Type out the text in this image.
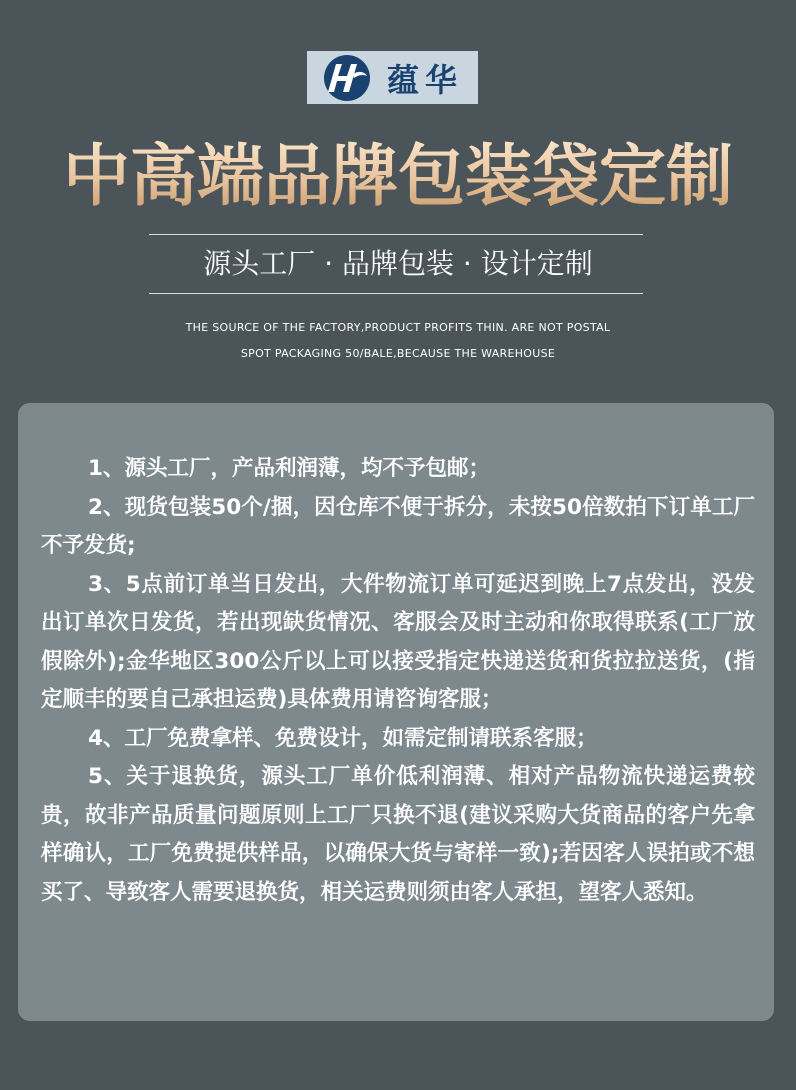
蕴华
中高端品牌包装袋定制
源头工厂 · 品牌包装 · 设计定制
THE SOURCE OF THE FACTORY,PRODUCT PROFITS THIN. ARE NOT POSTAL
SPOT PACKAGING 50/BALE,BECAUSE THE WAREHOUSE

1、源头工厂，产品利润薄，均不予包邮；

2、现货包装50个/捆，因仓库不便于拆分，未按50倍数拍下订单工厂不予发货;

3、5点前订单当日发出，大件物流订单可延迟到晚上7点发出，没发出订单次日发货，若出现缺货情况、客服会及时主动和你取得联系(工厂放假除外);金华地区300公斤以上可以接受指定快递送货和货拉拉送货，(指定顺丰的要自己承担运费)具体费用请咨询客服；

4、工厂免费拿样、免费设计，如需定制请联系客服；

5、关于退换货，源头工厂单价低利润薄、相对产品物流快递运费较贵，故非产品质量问题原则上工厂只换不退(建议采购大货商品的客户先拿样确认，工厂免费提供样品，以确保大货与寄样一致);若因客人误拍或不想买了、导致客人需要退换货，相关运费则须由客人承担，望客人悉知。
